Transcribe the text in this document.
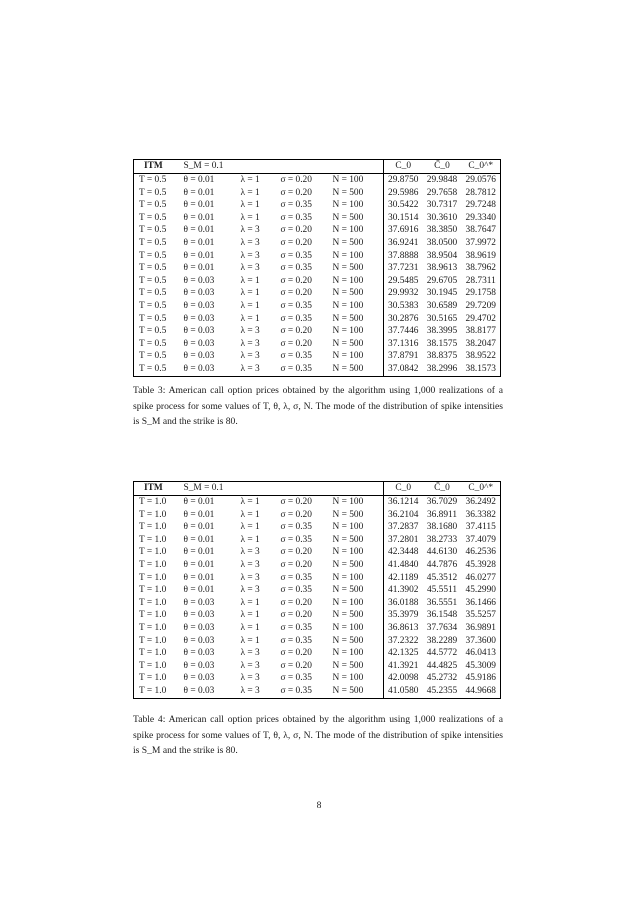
ITM	S_M = 0.1				C_0	C̄_0	C_0^*
T = 0.5	θ = 0.01	λ = 1	σ = 0.20	N = 100	29.8750	29.9848	29.0576
T = 0.5	θ = 0.01	λ = 1	σ = 0.20	N = 500	29.5986	29.7658	28.7812
T = 0.5	θ = 0.01	λ = 1	σ = 0.35	N = 100	30.5422	30.7317	29.7248
T = 0.5	θ = 0.01	λ = 1	σ = 0.35	N = 500	30.1514	30.3610	29.3340
T = 0.5	θ = 0.01	λ = 3	σ = 0.20	N = 100	37.6916	38.3850	38.7647
T = 0.5	θ = 0.01	λ = 3	σ = 0.20	N = 500	36.9241	38.0500	37.9972
T = 0.5	θ = 0.01	λ = 3	σ = 0.35	N = 100	37.8888	38.9504	38.9619
T = 0.5	θ = 0.01	λ = 3	σ = 0.35	N = 500	37.7231	38.9613	38.7962
T = 0.5	θ = 0.03	λ = 1	σ = 0.20	N = 100	29.5485	29.6705	28.7311
T = 0.5	θ = 0.03	λ = 1	σ = 0.20	N = 500	29.9932	30.1945	29.1758
T = 0.5	θ = 0.03	λ = 1	σ = 0.35	N = 100	30.5383	30.6589	29.7209
T = 0.5	θ = 0.03	λ = 1	σ = 0.35	N = 500	30.2876	30.5165	29.4702
T = 0.5	θ = 0.03	λ = 3	σ = 0.20	N = 100	37.7446	38.3995	38.8177
T = 0.5	θ = 0.03	λ = 3	σ = 0.20	N = 500	37.1316	38.1575	38.2047
T = 0.5	θ = 0.03	λ = 3	σ = 0.35	N = 100	37.8791	38.8375	38.9522
T = 0.5	θ = 0.03	λ = 3	σ = 0.35	N = 500	37.0842	38.2996	38.1573

Table 3: American call option prices obtained by the algorithm using 1,000 realizations of a spike process for some values of T, θ, λ, σ, N. The mode of the distribution of spike intensities is S_M and the strike is 80.

ITM	S_M = 0.1				C_0	C̄_0	C_0^*
T = 1.0	θ = 0.01	λ = 1	σ = 0.20	N = 100	36.1214	36.7029	36.2492
T = 1.0	θ = 0.01	λ = 1	σ = 0.20	N = 500	36.2104	36.8911	36.3382
T = 1.0	θ = 0.01	λ = 1	σ = 0.35	N = 100	37.2837	38.1680	37.4115
T = 1.0	θ = 0.01	λ = 1	σ = 0.35	N = 500	37.2801	38.2733	37.4079
T = 1.0	θ = 0.01	λ = 3	σ = 0.20	N = 100	42.3448	44.6130	46.2536
T = 1.0	θ = 0.01	λ = 3	σ = 0.20	N = 500	41.4840	44.7876	45.3928
T = 1.0	θ = 0.01	λ = 3	σ = 0.35	N = 100	42.1189	45.3512	46.0277
T = 1.0	θ = 0.01	λ = 3	σ = 0.35	N = 500	41.3902	45.5511	45.2990
T = 1.0	θ = 0.03	λ = 1	σ = 0.20	N = 100	36.0188	36.5551	36.1466
T = 1.0	θ = 0.03	λ = 1	σ = 0.20	N = 500	35.3979	36.1548	35.5257
T = 1.0	θ = 0.03	λ = 1	σ = 0.35	N = 100	36.8613	37.7634	36.9891
T = 1.0	θ = 0.03	λ = 1	σ = 0.35	N = 500	37.2322	38.2289	37.3600
T = 1.0	θ = 0.03	λ = 3	σ = 0.20	N = 100	42.1325	44.5772	46.0413
T = 1.0	θ = 0.03	λ = 3	σ = 0.20	N = 500	41.3921	44.4825	45.3009
T = 1.0	θ = 0.03	λ = 3	σ = 0.35	N = 100	42.0098	45.2732	45.9186
T = 1.0	θ = 0.03	λ = 3	σ = 0.35	N = 500	41.0580	45.2355	44.9668

Table 4: American call option prices obtained by the algorithm using 1,000 realizations of a spike process for some values of T, θ, λ, σ, N. The mode of the distribution of spike intensities is S_M and the strike is 80.

8
